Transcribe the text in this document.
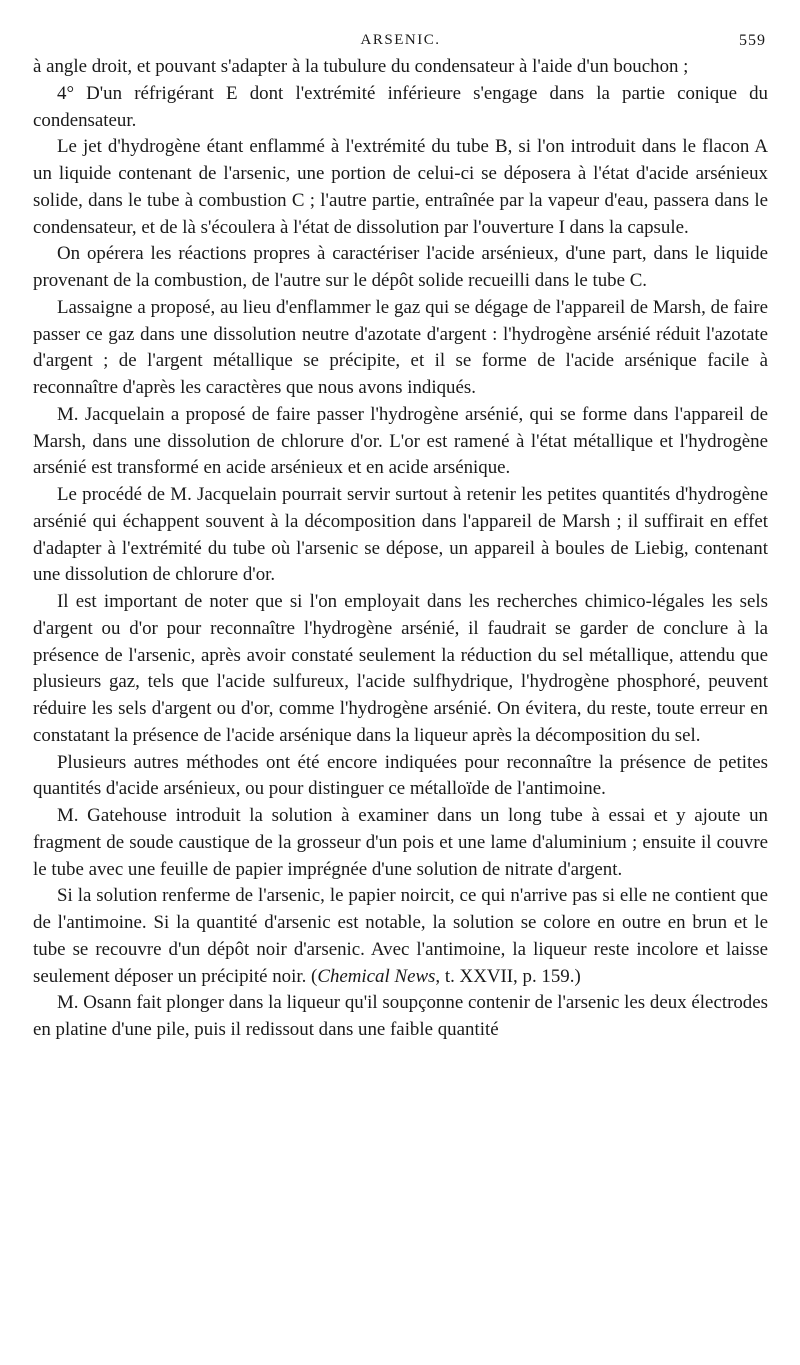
ARSENIC.	559

à angle droit, et pouvant s'adapter à la tubulure du condensateur à l'aide d'un bouchon ;

4° D'un réfrigérant E dont l'extrémité inférieure s'engage dans la partie conique du condensateur.

Le jet d'hydrogène étant enflammé à l'extrémité du tube B, si l'on introduit dans le flacon A un liquide contenant de l'arsenic, une portion de celui-ci se déposera à l'état d'acide arsénieux solide, dans le tube à combustion C ; l'autre partie, entraînée par la vapeur d'eau, passera dans le condensateur, et de là s'écoulera à l'état de dissolution par l'ouverture I dans la capsule.

On opérera les réactions propres à caractériser l'acide arsénieux, d'une part, dans le liquide provenant de la combustion, de l'autre sur le dépôt solide recueilli dans le tube C.

Lassaigne a proposé, au lieu d'enflammer le gaz qui se dégage de l'appareil de Marsh, de faire passer ce gaz dans une dissolution neutre d'azotate d'argent : l'hydrogène arsénié réduit l'azotate d'argent ; de l'argent métallique se précipite, et il se forme de l'acide arsénique facile à reconnaître d'après les caractères que nous avons indiqués.

M. Jacquelain a proposé de faire passer l'hydrogène arsénié, qui se forme dans l'appareil de Marsh, dans une dissolution de chlorure d'or. L'or est ramené à l'état métallique et l'hydrogène arsénié est transformé en acide arsénieux et en acide arsénique.

Le procédé de M. Jacquelain pourrait servir surtout à retenir les petites quantités d'hydrogène arsénié qui échappent souvent à la décomposition dans l'appareil de Marsh ; il suffirait en effet d'adapter à l'extrémité du tube où l'arsenic se dépose, un appareil à boules de Liebig, contenant une dissolution de chlorure d'or.

Il est important de noter que si l'on employait dans les recherches chimico-légales les sels d'argent ou d'or pour reconnaître l'hydrogène arsénié, il faudrait se garder de conclure à la présence de l'arsenic, après avoir constaté seulement la réduction du sel métallique, attendu que plusieurs gaz, tels que l'acide sulfureux, l'acide sulfhydrique, l'hydrogène phosphoré, peuvent réduire les sels d'argent ou d'or, comme l'hydrogène arsénié. On évitera, du reste, toute erreur en constatant la présence de l'acide arsénique dans la liqueur après la décomposition du sel.

Plusieurs autres méthodes ont été encore indiquées pour reconnaître la présence de petites quantités d'acide arsénieux, ou pour distinguer ce métalloïde de l'antimoine.

M. Gatehouse introduit la solution à examiner dans un long tube à essai et y ajoute un fragment de soude caustique de la grosseur d'un pois et une lame d'aluminium ; ensuite il couvre le tube avec une feuille de papier imprégnée d'une solution de nitrate d'argent.

Si la solution renferme de l'arsenic, le papier noircit, ce qui n'arrive pas si elle ne contient que de l'antimoine. Si la quantité d'arsenic est notable, la solution se colore en outre en brun et le tube se recouvre d'un dépôt noir d'arsenic. Avec l'antimoine, la liqueur reste incolore et laisse seulement déposer un précipité noir. (Chemical News, t. XXVII, p. 159.)

M. Osann fait plonger dans la liqueur qu'il soupçonne contenir de l'arsenic les deux électrodes en platine d'une pile, puis il redissout dans une faible quantité
